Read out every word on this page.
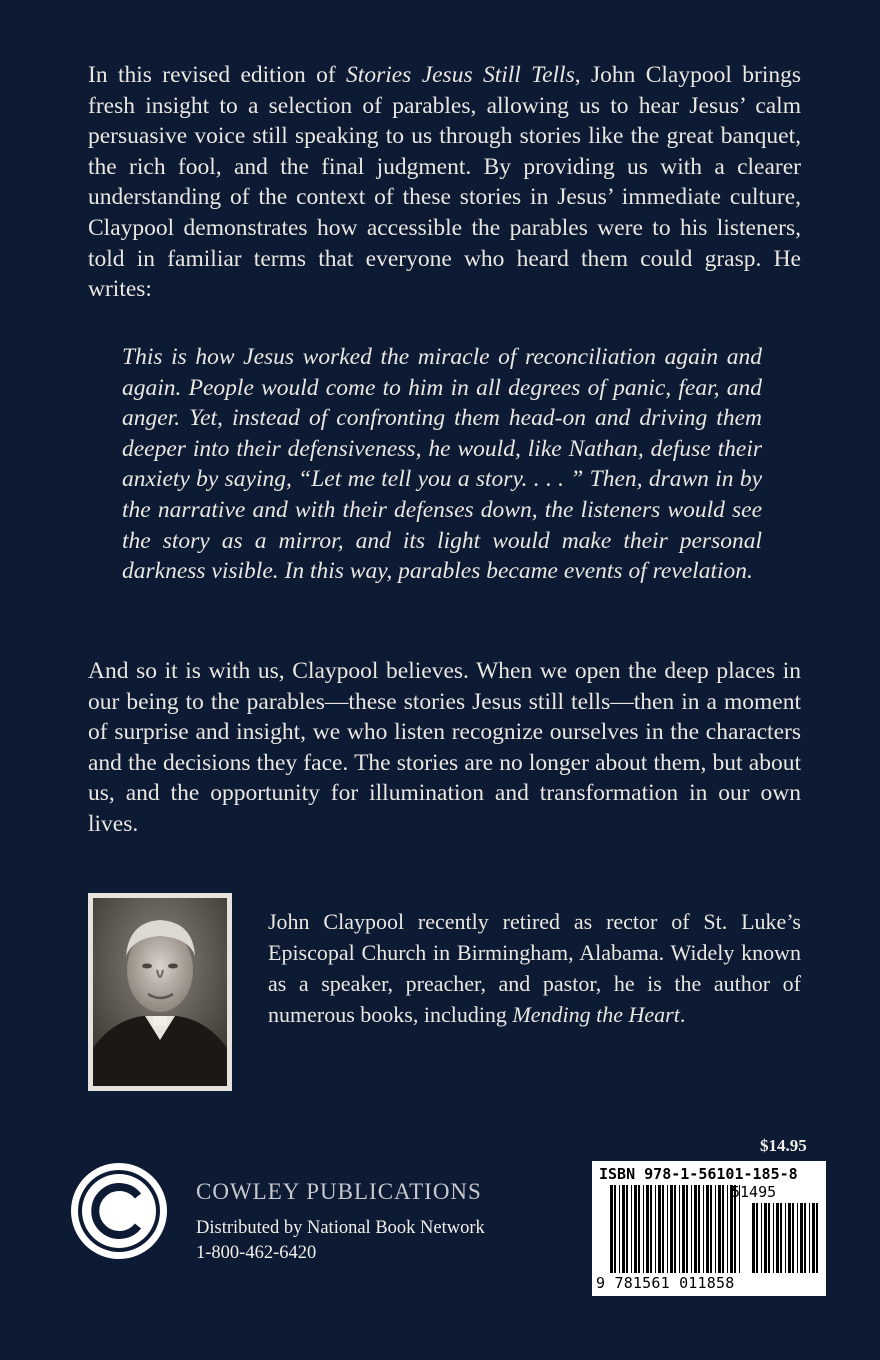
In this revised edition of Stories Jesus Still Tells, John Claypool brings fresh insight to a selection of parables, allowing us to hear Jesus’ calm persuasive voice still speaking to us through stories like the great banquet, the rich fool, and the final judgment. By providing us with a clearer understanding of the context of these stories in Jesus’ immediate culture, Claypool demonstrates how accessible the parables were to his listeners, told in familiar terms that everyone who heard them could grasp. He writes:

This is how Jesus worked the miracle of reconciliation again and again. People would come to him in all degrees of panic, fear, and anger. Yet, instead of confronting them head-on and driving them deeper into their defensiveness, he would, like Nathan, defuse their anxiety by saying, “Let me tell you a story. . . . ” Then, drawn in by the narrative and with their defenses down, the listeners would see the story as a mirror, and its light would make their personal darkness visible. In this way, parables became events of revelation.
And so it is with us, Claypool believes. When we open the deep places in our being to the parables—these stories Jesus still tells—then in a moment of surprise and insight, we who listen recognize ourselves in the characters and the decisions they face. The stories are no longer about them, but about us, and the opportunity for illumination and transformation in our own lives.
John Claypool recently retired as rector of St. Luke’s Episcopal Church in Birmingham, Alabama. Widely known as a speaker, preacher, and pastor, he is the author of numerous books, including Mending the Heart.
COWLEY PUBLICATIONS
Distributed by National Book Network
1-800-462-6420
$14.95
ISBN 978-1-56101-185-8
51495
9 781561 011858
